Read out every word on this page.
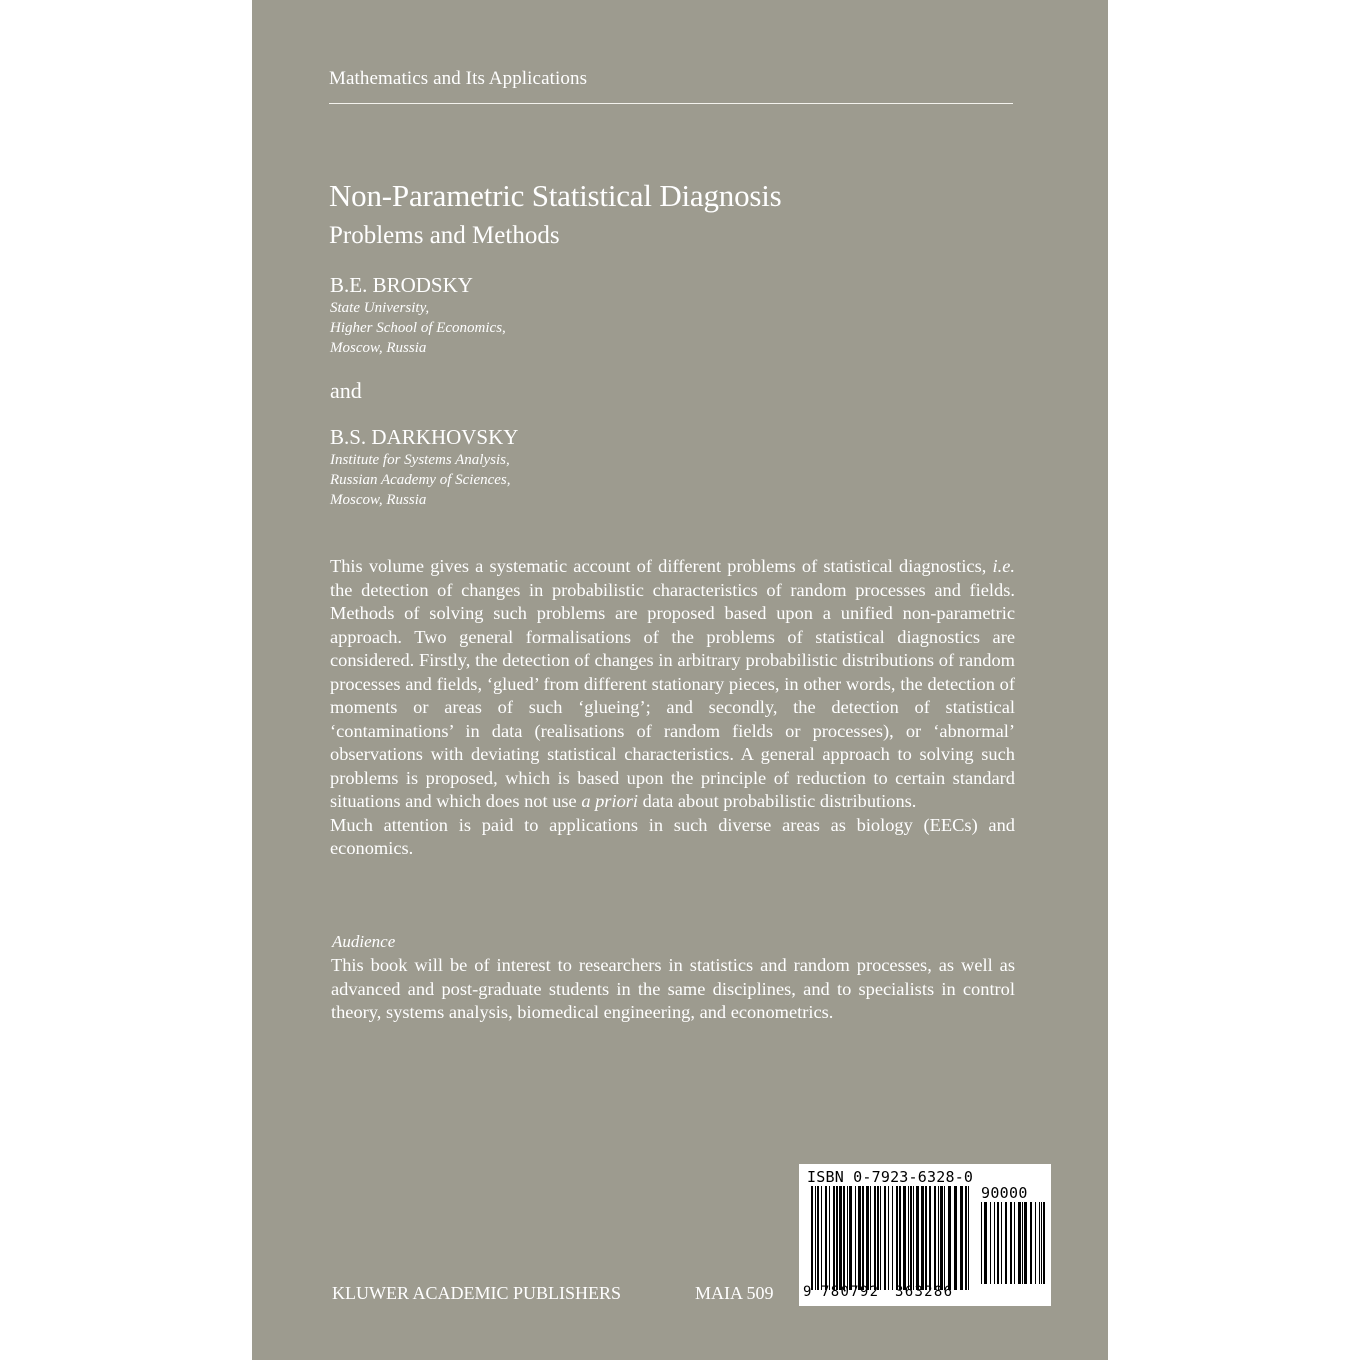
Mathematics and Its Applications
Non-Parametric Statistical Diagnosis
Problems and Methods
B.E. BRODSKY
State University,
Higher School of Economics,
Moscow, Russia
and
B.S. DARKHOVSKY
Institute for Systems Analysis,
Russian Academy of Sciences,
Moscow, Russia

This volume gives a systematic account of different problems of statistical diagnostics, i.e. the detection of changes in probabilistic characteristics of random processes and fields. Methods of solving such problems are proposed based upon a unified non-parametric approach. Two general formalisations of the problems of statistical diagnostics are considered. Firstly, the detection of changes in arbitrary probabilistic distributions of random processes and fields, ‘glued’ from different stationary pieces, in other words, the detection of moments or areas of such ‘glueing’; and secondly, the detection of statistical ‘contaminations’ in data (realisations of random fields or processes), or ‘abnormal’ observations with deviating statistical characteristics. A general approach to solving such problems is proposed, which is based upon the principle of reduction to certain standard situations and which does not use a priori data about probabilistic distributions.

Much attention is paid to applications in such diverse areas as biology (EECs) and economics.

Audience
This book will be of interest to researchers in statistics and random processes, as well as advanced and post-graduate students in the same disciplines, and to specialists in control theory, systems analysis, biomedical engineering, and econometrics.
KLUWER ACADEMIC PUBLISHERS	MAIA 509
ISBN 0-7923-6328-0
90000
9 780792 363286
